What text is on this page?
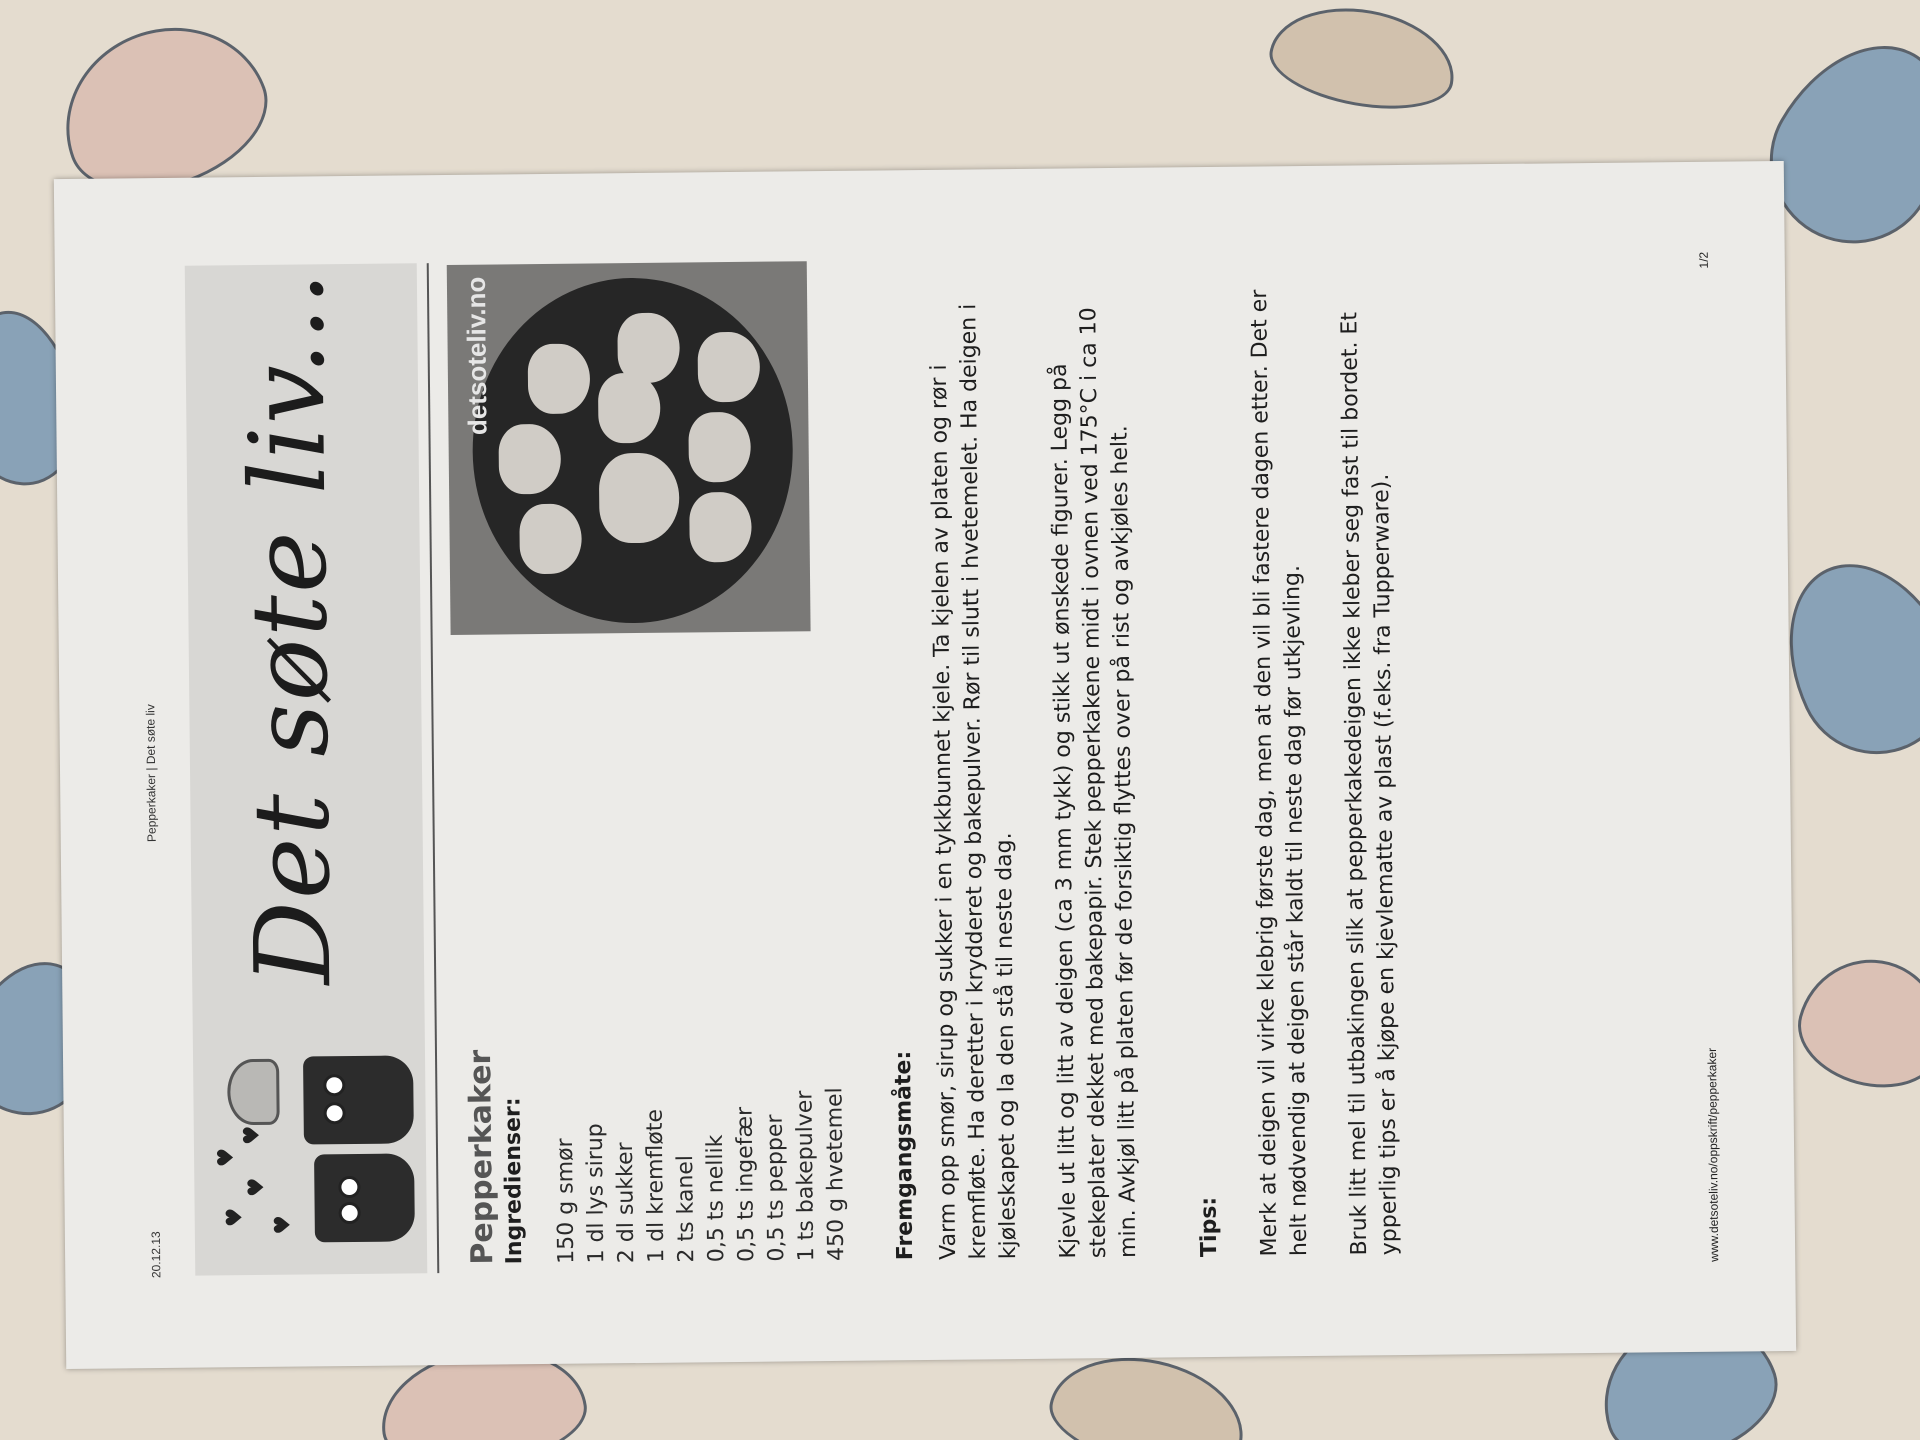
20.12.13
Pepperkaker | Det søte liv
♥
♥
♥
♥
♥
Det søte liv...	detsoteliv.no
Pepperkaker Ingredienser:	150 g smør 1 dl lys sirup 2 dl sukker 1 dl kremfløte 2 ts kanel 0,5 ts nellik 0,5 ts ingefær 0,5 ts pepper 1 ts bakepulver 450 g hvetemel	Fremgangsmåte: Varm opp smør, sirup og sukker i en tykkbunnet kjele. Ta kjelen av platen og rør i kremfløte. Ha deretter i krydderet og bakepulver. Rør til slutt i hvetemelet. Ha deigen i kjøleskapet og la den stå til neste dag. Kjevle ut litt og litt av deigen (ca 3 mm tykk) og stikk ut ønskede figurer. Legg på stekeplater dekket med bakepapir. Stek pepperkakene midt i ovnen ved 175°C i ca 10 min. Avkjøl litt på platen før de forsiktig flyttes over på rist og avkjøles helt.	Tips: Merk at deigen vil virke klebrig første dag, men at den vil bli fastere dagen etter. Det er helt nødvendig at deigen står kaldt til neste dag før utkjevling. Bruk litt mel til utbakingen slik at pepperkakedeigen ikke kleber seg fast til bordet. Et ypperlig tips er å kjøpe en kjevlematte av plast (f.eks. fra Tupperware).	www.detsoteliv.no/oppskrift/pepperkaker
1/2
